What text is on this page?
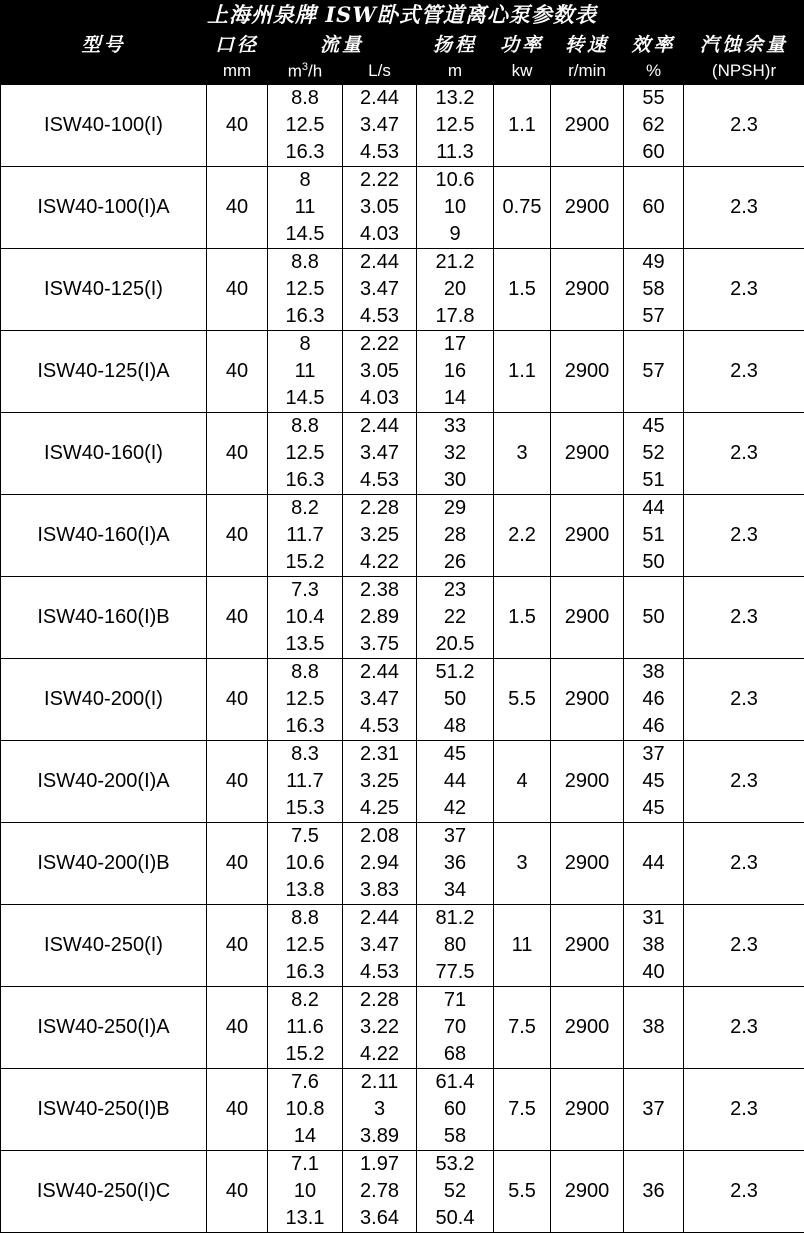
上海州泉牌 ISW卧式管道离心泵参数表
型号	口径	流量		扬程	功率	转速	效率	汽蚀余量
	mm	$m^3/h$	L/s	m	kw	r/min	%	(NPSH)r
ISW40-100(I)	40	8.8
12.5
16.3	2.44
3.47
4.53	13.2
12.5
11.3	1.1	2900	55
62
60	2.3
ISW40-100(I)A	40	8
11
14.5	2.22
3.05
4.03	10.6
10
9	0.75	2900	60	2.3
ISW40-125(I)	40	8.8
12.5
16.3	2.44
3.47
4.53	21.2
20
17.8	1.5	2900	49
58
57	2.3
ISW40-125(I)A	40	8
11
14.5	2.22
3.05
4.03	17
16
14	1.1	2900	57	2.3
ISW40-160(I)	40	8.8
12.5
16.3	2.44
3.47
4.53	33
32
30	3	2900	45
52
51	2.3
ISW40-160(I)A	40	8.2
11.7
15.2	2.28
3.25
4.22	29
28
26	2.2	2900	44
51
50	2.3
ISW40-160(I)B	40	7.3
10.4
13.5	2.38
2.89
3.75	23
22
20.5	1.5	2900	50	2.3
ISW40-200(I)	40	8.8
12.5
16.3	2.44
3.47
4.53	51.2
50
48	5.5	2900	38
46
46	2.3
ISW40-200(I)A	40	8.3
11.7
15.3	2.31
3.25
4.25	45
44
42	4	2900	37
45
45	2.3
ISW40-200(I)B	40	7.5
10.6
13.8	2.08
2.94
3.83	37
36
34	3	2900	44	2.3
ISW40-250(I)	40	8.8
12.5
16.3	2.44
3.47
4.53	81.2
80
77.5	11	2900	31
38
40	2.3
ISW40-250(I)A	40	8.2
11.6
15.2	2.28
3.22
4.22	71
70
68	7.5	2900	38	2.3
ISW40-250(I)B	40	7.6
10.8
14	2.11
3
3.89	61.4
60
58	7.5	2900	37	2.3
ISW40-250(I)C	40	7.1
10
13.1	1.97
2.78
3.64	53.2
52
50.4	5.5	2900	36	2.3
